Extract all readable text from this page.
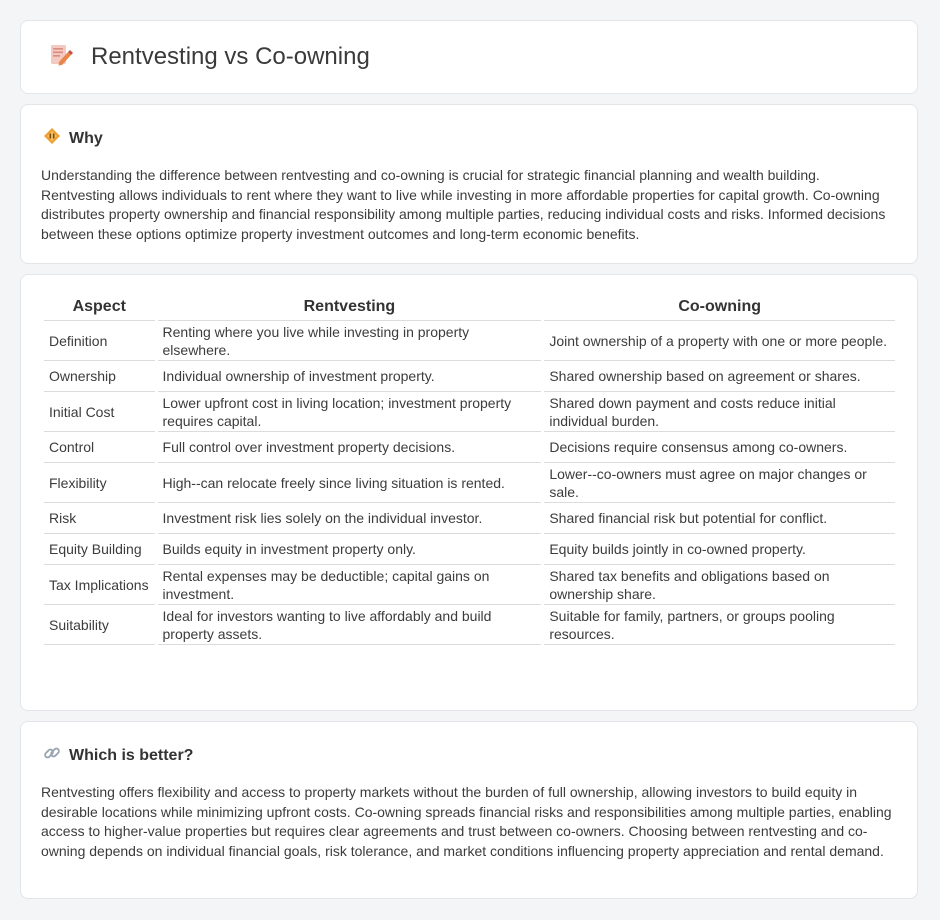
Rentvesting vs Co-owning
Why

Understanding the difference between rentvesting and co-owning is crucial for strategic financial planning and wealth building. Rentvesting allows individuals to rent where they want to live while investing in more affordable properties for capital growth. Co-owning distributes property ownership and financial responsibility among multiple parties, reducing individual costs and risks. Informed decisions between these options optimize property investment outcomes and long-term economic benefits.

Aspect	Rentvesting	Co-owning
Definition	Renting where you live while investing in property elsewhere.	Joint ownership of a property with one or more people.
Ownership	Individual ownership of investment property.	Shared ownership based on agreement or shares.
Initial Cost	Lower upfront cost in living location; investment property requires capital.	Shared down payment and costs reduce initial individual burden.
Control	Full control over investment property decisions.	Decisions require consensus among co-owners.
Flexibility	High--can relocate freely since living situation is rented.	Lower--co-owners must agree on major changes or sale.
Risk	Investment risk lies solely on the individual investor.	Shared financial risk but potential for conflict.
Equity Building	Builds equity in investment property only.	Equity builds jointly in co-owned property.
Tax Implications	Rental expenses may be deductible; capital gains on investment.	Shared tax benefits and obligations based on ownership share.
Suitability	Ideal for investors wanting to live affordably and build property assets.	Suitable for family, partners, or groups pooling resources.
Which is better?

Rentvesting offers flexibility and access to property markets without the burden of full ownership, allowing investors to build equity in desirable locations while minimizing upfront costs. Co-owning spreads financial risks and responsibilities among multiple parties, enabling access to higher-value properties but requires clear agreements and trust between co-owners. Choosing between rentvesting and co-owning depends on individual financial goals, risk tolerance, and market conditions influencing property appreciation and rental demand.
